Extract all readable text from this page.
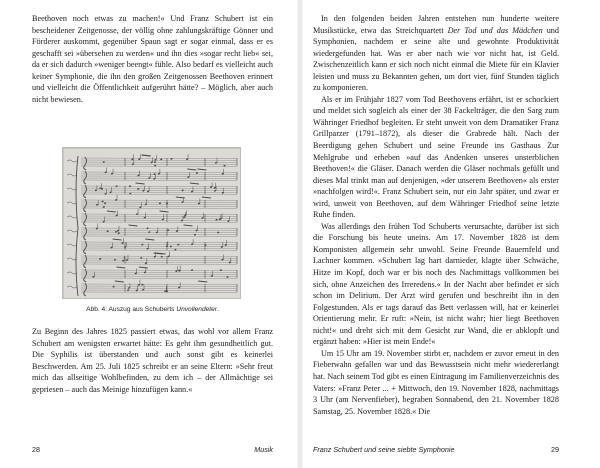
Beethoven noch etwas zu machen!« Und Franz Schubert ist ein bescheidener Zeitgenosse, der völlig ohne zahlungskräftige Gönner und Förderer auskommt, gegenüber Spaun sagt er sogar einmal, dass er es geschafft sei »übersehen zu werden« und ihn dies »sogar recht lieb« sei, da er sich dadurch »weniger beengt« fühle. Also bedarf es vielleicht auch keiner Symphonie, die ihn den großen Zeitgenossen Beethoven erinnert und vielleicht die Öffentlichkeit aufgerührt hätte? – Möglich, aber auch nicht bewiesen.

Abb. 4: Auszug aus Schuberts Unvollendeter.

Zu Beginn des Jahres 1825 passiert etwas, das wohl vor allem Franz Schubert am wenigsten erwartet hätte: Es geht ihm gesundheitlich gut. Die Syphilis ist überstanden und auch sonst gibt es keinerlei Beschwerden. Am 25. Juli 1825 schreibt er an seine Eltern: »Sehr freut mich das allseitige Wohlbefinden, zu dem ich – der Allmächtige sei gepriesen – auch das Meinige hinzufügen kann.«

28	Musik

In den folgenden beiden Jahren entstehen nun hunderte weitere Musikstücke, etwa das Streichquartett Der Tod und das Mädchen und Symphonien, nachdem er seine alte und gewohnte Produktivität wiedergefunden hat. Was er aber nach wie vor nicht hat, ist Geld. Zwischenzeitlich kann er sich noch nicht einmal die Miete für ein Klavier leisten und muss zu Bekannten gehen, um dort vier, fünf Stunden täglich zu komponieren.

Als er im Frühjahr 1827 vom Tod Beethovens erfährt, ist er schockiert und meldet sich sogleich als einer der 38 Fackelträger, die den Sarg zum Währinger Friedhof begleiten. Er steht unweit von dem Dramatiker Franz Grillparzer (1791–1872), als dieser die Grabrede hält. Nach der Beerdigung gehen Schubert und seine Freunde ins Gasthaus Zur Mehlgrube und erheben »auf das Andenken unseres unsterblichen Beethoven!« die Gläser. Danach werden die Gläser nochmals gefüllt und dieses Mal trinkt man auf denjenigen, »der unserem Beethoven« als erster »nachfolgen wird!«. Franz Schubert sein, nur ein Jahr später, und zwar er wird, unweit von Beethoven, auf dem Währinger Friedhof seine letzte Ruhe finden.

Was allerdings den frühen Tod Schuberts verursachte, darüber ist sich die Forschung bis heute uneins. Am 17. November 1828 ist dem Komponisten allgemein sehr unwohl. Seine Freunde Bauernfeld und Lachner kommen. »Schubert lag hart darnieder, klagte über Schwäche, Hitze im Kopf, doch war er bis noch des Nachmittags vollkommen bei sich, ohne Anzeichen des Irreredens.« In der Nacht aber befindet er sich schon im Delirium. Der Arzt wird gerufen und beschreibt ihn in den Folgestunden. Als er tags darauf das Bett verlassen will, hat er keinerlei Orientierung mehr. Er ruft: »Nein, ist nicht wahr; hier liegt Beethoven nicht!« und dreht sich mit dem Gesicht zur Wand, die er abklopft und ergänzt haben: »Hier ist mein Ende!«

Um 15 Uhr am 19. November stirbt er, nachdem er zuvor erneut in den Fieberwahn gefallen war und das Bewusstsein nicht mehr wiedererlangt hat. Nach seinem Tod gibt es einen Eintragung im Familienverzeichnis des Vaters: »Franz Peter ... + Mittwoch, den 19. November 1828, nachmittags 3 Uhr (am Nervenfieber), begraben Sonnabend, den 21. November 1828 Samstag, 25. November 1828.« Die

Franz Schubert und seine siebte Symphonie	29
